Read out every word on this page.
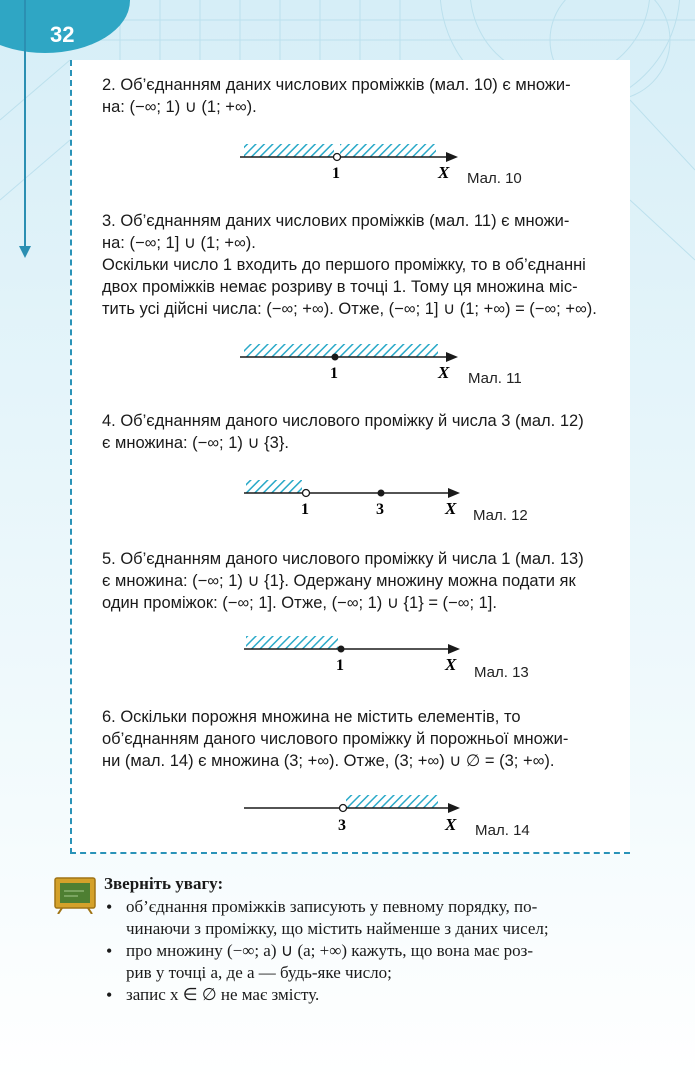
32

2. Об’єднанням даних числових проміжків (мал. 10) є множи-

на: (−∞; 1) ∪ (1; +∞).

3. Об’єднанням даних числових проміжків (мал. 11) є множи-

на: (−∞; 1] ∪ (1; +∞).

Оскільки число 1 входить до першого проміжку, то в об’єднанні

двох проміжків немає розриву в точці 1. Тому ця множина міс-

тить усі дійсні числа: (−∞; +∞). Отже, (−∞; 1] ∪ (1; +∞) = (−∞; +∞).

4. Об’єднанням даного числового проміжку й числа 3 (мал. 12)

є множина: (−∞; 1) ∪ {3}.

5. Об’єднанням даного числового проміжку й числа 1 (мал. 13)

є множина: (−∞; 1) ∪ {1}. Одержану множину можна подати як

один проміжок: (−∞; 1]. Отже, (−∞; 1) ∪ {1} = (−∞; 1].

6. Оскільки порожня множина не містить елементів, то

об’єднанням даного числового проміжку й порожньої множи-

ни (мал. 14) є множина (3; +∞). Отже, (3; +∞) ∪ ∅ = (3; +∞).

1	X
1	X
1	3	X
1	X
3	X
Мал. 10
Мал. 11
Мал. 12
Мал. 13
Мал. 14
Зверніть увагу:
• об’єднання проміжків записують у певному порядку, по-
чинаючи з проміжку, що містить найменше з даних чисел;
• про множину (−∞; a) ∪ (a; +∞) кажуть, що вона має роз-
рив у точці a, де a — будь-яке число;
• запис x ∈ ∅ не має змісту.
